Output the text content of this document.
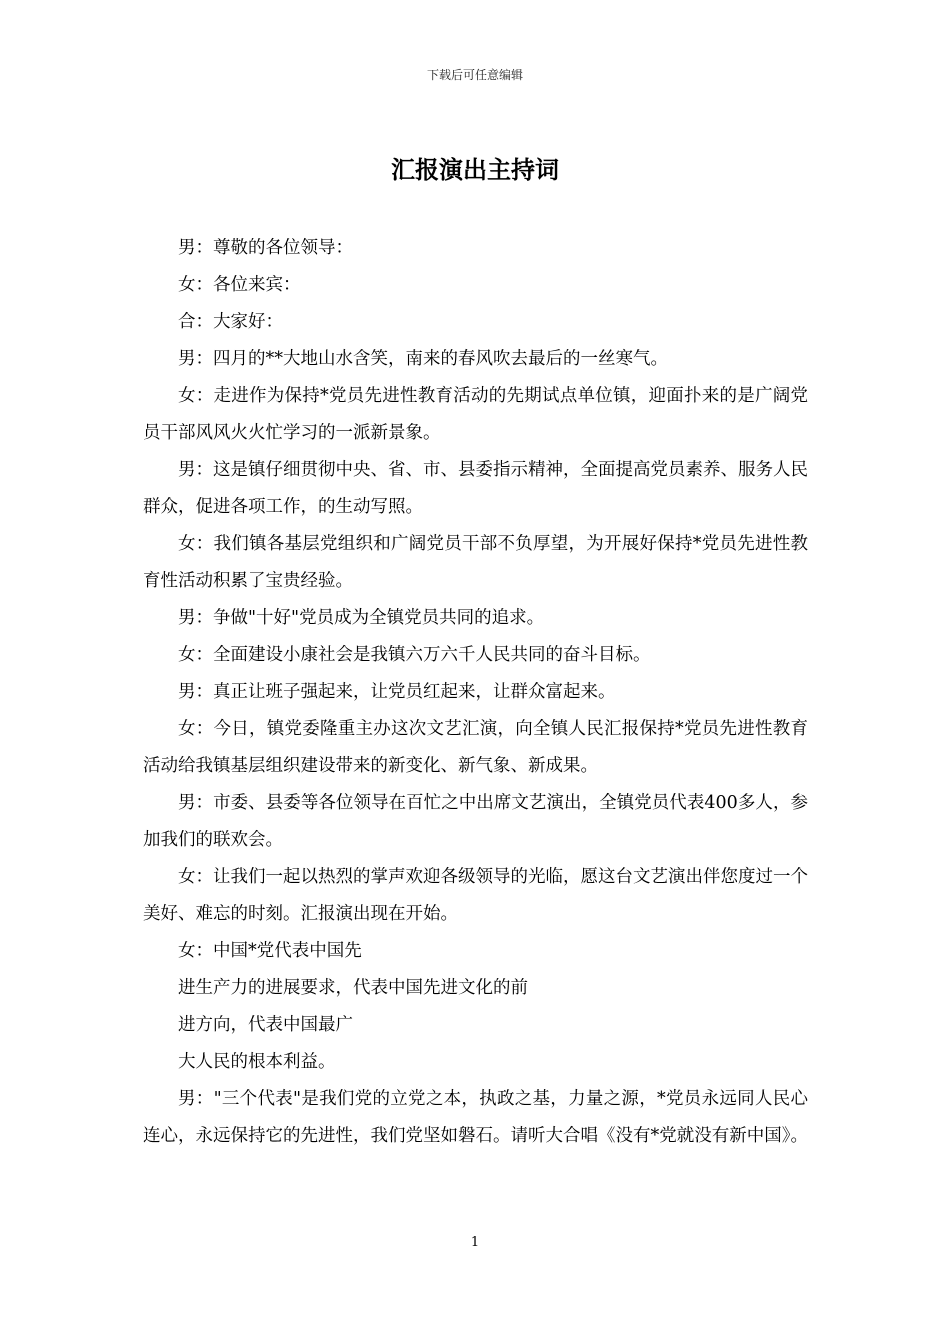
下载后可任意编辑
汇报演出主持词

男：尊敬的各位领导：

女：各位来宾：

合：大家好：

男：四月的**大地山水含笑，南来的春风吹去最后的一丝寒气。

女：走进作为保持*党员先进性教育活动的先期试点单位镇，迎面扑来的是广阔党员干部风风火火忙学习的一派新景象。

男：这是镇仔细贯彻中央、省、市、县委指示精神，全面提高党员素养、服务人民群众，促进各项工作，的生动写照。

女：我们镇各基层党组织和广阔党员干部不负厚望，为开展好保持*党员先进性教育性活动积累了宝贵经验。

男：争做"十好"党员成为全镇党员共同的追求。

女：全面建设小康社会是我镇六万六千人民共同的奋斗目标。

男：真正让班子强起来，让党员红起来，让群众富起来。

女：今日，镇党委隆重主办这次文艺汇演，向全镇人民汇报保持*党员先进性教育活动给我镇基层组织建设带来的新变化、新气象、新成果。

男：市委、县委等各位领导在百忙之中出席文艺演出，全镇党员代表400多人，参加我们的联欢会。

女：让我们一起以热烈的掌声欢迎各级领导的光临，愿这台文艺演出伴您度过一个美好、难忘的时刻。汇报演出现在开始。

女：中国*党代表中国先

进生产力的进展要求，代表中国先进文化的前

进方向，代表中国最广

大人民的根本利益。

男："三个代表"是我们党的立党之本，执政之基，力量之源，*党员永远同人民心连心，永远保持它的先进性，我们党坚如磐石。请听大合唱《没有*党就没有新中国》。

1
